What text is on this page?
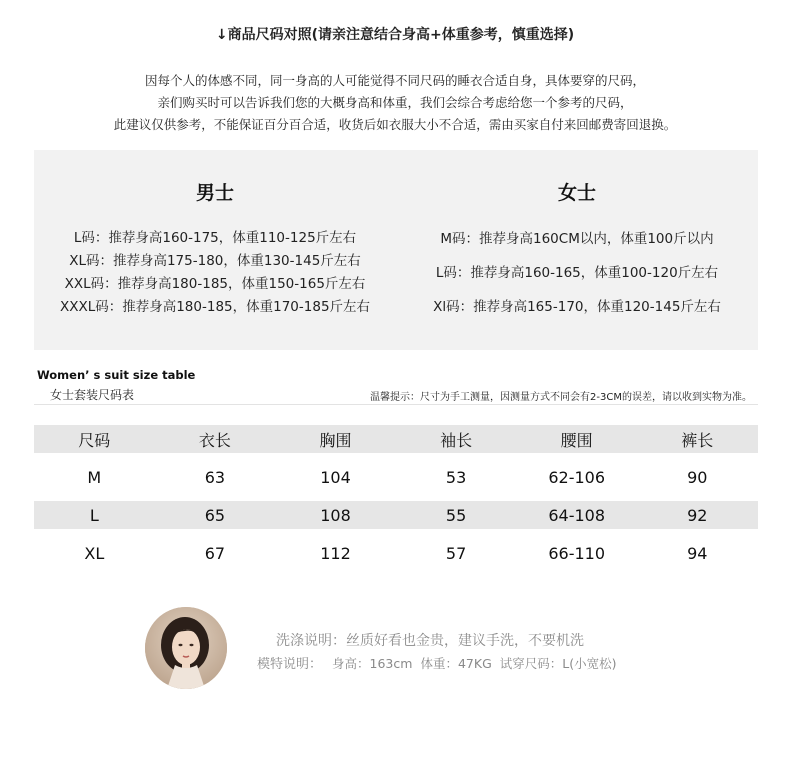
↓商品尺码对照(请亲注意结合身高+体重参考，慎重选择)
因每个人的体感不同，同一身高的人可能觉得不同尺码的睡衣合适自身，具体要穿的尺码，
亲们购买时可以告诉我们您的大概身高和体重，我们会综合考虑给您一个参考的尺码，
此建议仅供参考，不能保证百分百合适，收货后如衣服大小不合适，需由买家自付来回邮费寄回退换。
男士
L码：推荐身高160-175，体重110-125斤左右
XL码：推荐身高175-180，体重130-145斤左右
XXL码：推荐身高180-185，体重150-165斤左右
XXXL码：推荐身高180-185，体重170-185斤左右
女士
M码：推荐身高160CM以内，体重100斤以内
L码：推荐身高160-165，体重100-120斤左右
Xl码：推荐身高165-170，体重120-145斤左右
Women’ s suit size table
女士套装尺码表	温馨提示：尺寸为手工测量，因测量方式不同会有2-3CM的误差，请以收到实物为准。
尺码	衣长	胸围	袖长	腰围	裤长
M	63	104	53	62-106	90
L	65	108	55	64-108	92
XL	67	112	57	66-110	94
洗涤说明：丝质好看也金贵，建议手洗，不要机洗
模特说明： 身高：163cm 体重：47KG 试穿尺码：L(小宽松)
